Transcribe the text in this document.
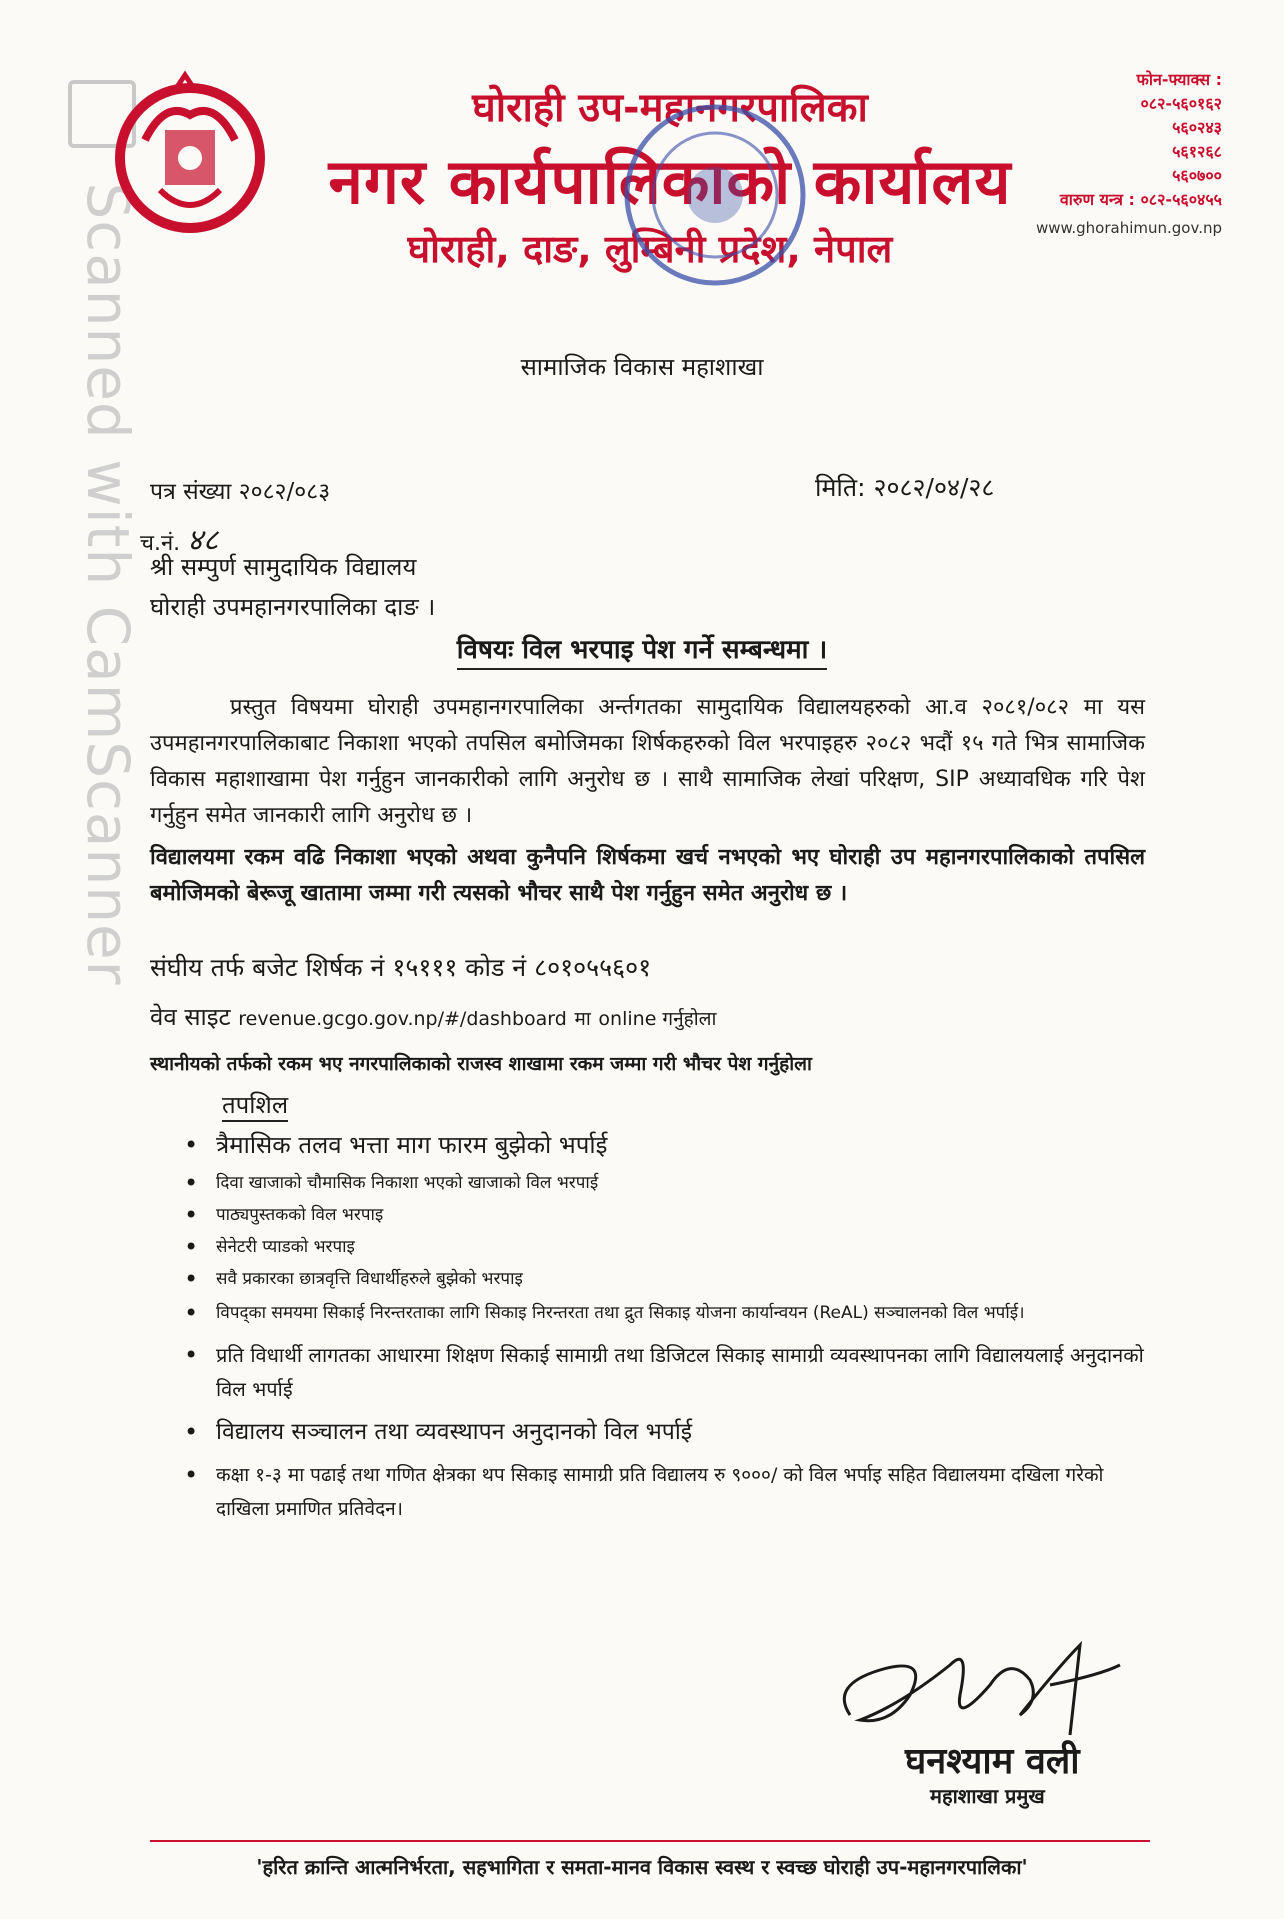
Scanned with CamScanner
घोराही उप-महानगरपालिका
नगर कार्यपालिकाको कार्यालय
घोराही, दाङ, लुम्बिनी प्रदेश, नेपाल
फोन-फ्याक्स :
०८२-५६०१६२
५६०२४३
५६१२६८
५६०७००
वारुण यन्त्र : ०८२-५६०४५५
www.ghorahimun.gov.np
सामाजिक विकास महाशाखा
पत्र संख्या २०८२/०८३	मिति: २०८२/०४/२८
च.नं. ४८
श्री सम्पुर्ण सामुदायिक विद्यालय
घोराही उपमहानगरपालिका दाङ ।
विषयः विल भरपाइ पेश गर्ने सम्बन्धमा ।
प्रस्तुत विषयमा घोराही उपमहानगरपालिका अर्न्तगतका सामुदायिक विद्यालयहरुको आ.व २०८१/०८२ मा यस उपमहानगरपालिकाबाट निकाशा भएको तपसिल बमोजिमका शिर्षकहरुको विल भरपाइहरु २०८२ भदौं १५ गते भित्र सामाजिक विकास महाशाखामा पेश गर्नुहुन जानकारीको लागि अनुरोध छ । साथै सामाजिक लेखां परिक्षण, SIP अध्यावधिक गरि पेश गर्नुहुन समेत जानकारी लागि अनुरोध छ ।
विद्यालयमा रकम वढि निकाशा भएको अथवा कुनैपनि शिर्षकमा खर्च नभएको भए घोराही उप महानगरपालिकाको तपसिल बमोजिमको बेरूजू खातामा जम्मा गरी त्यसको भौचर साथै पेश गर्नुहुन समेत अनुरोध छ ।
संघीय तर्फ बजेट शिर्षक नं १५१११ कोड नं ८०१०५५६०१
वेव साइट revenue.gcgo.gov.np/#/dashboard मा online गर्नुहोला
स्थानीयको तर्फको रकम भए नगरपालिकाको राजस्व शाखामा रकम जम्मा गरी भौचर पेश गर्नुहोला
तपशिल
• त्रैमासिक तलव भत्ता माग फारम बुझेको भर्पाई
• दिवा खाजाको चौमासिक निकाशा भएको खाजाको विल भरपाई
• पाठ्यपुस्तकको विल भरपाइ
• सेनेटरी प्याडको भरपाइ
• सवै प्रकारका छात्रवृत्ति विधार्थीहरुले बुझेको भरपाइ
• विपद्का समयमा सिकाई निरन्तरताका लागि सिकाइ निरन्तरता तथा द्रुत सिकाइ योजना कार्यान्वयन (ReAL) सञ्चालनको विल भर्पाई।
• प्रति विधार्थी लागतका आधारमा शिक्षण सिकाई सामाग्री तथा डिजिटल सिकाइ सामाग्री व्यवस्थापनका लागि विद्यालयलाई अनुदानको विल भर्पाई
• विद्यालय सञ्चालन तथा व्यवस्थापन अनुदानको विल भर्पाई
• कक्षा १-३ मा पढाई तथा गणित क्षेत्रका थप सिकाइ सामाग्री प्रति विद्यालय रु ९०००/ को विल भर्पाइ सहित विद्यालयमा दखिला गरेको दाखिला प्रमाणित प्रतिवेदन।
घनश्याम वली
महाशाखा प्रमुख
'हरित क्रान्ति आत्मनिर्भरता, सहभागिता र समता-मानव विकास स्वस्थ र स्वच्छ घोराही उप-महानगरपालिका'
